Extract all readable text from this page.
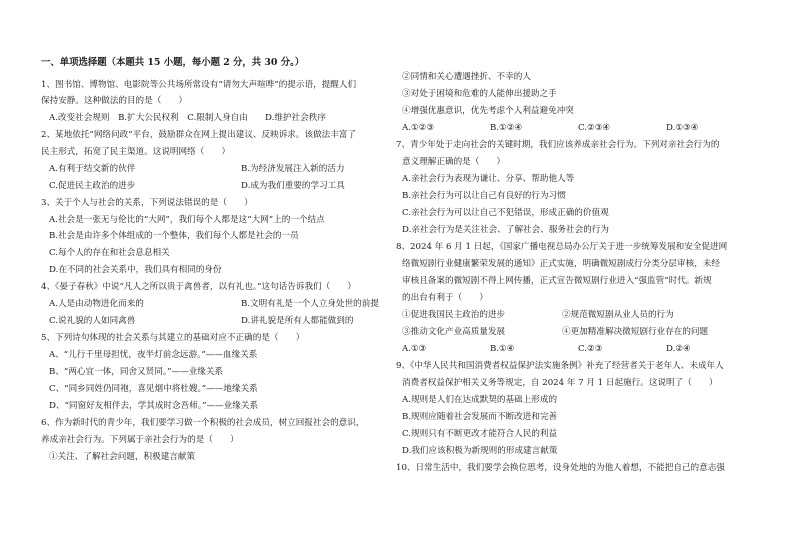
一、单项选择题（本题共 15 小题，每小题 2 分，共 30 分。）
1、图书馆、博物馆、电影院等公共场所常设有“请勿大声喧哗”的提示语，提醒人们
保持安静。这种做法的目的是（　　）
A.改变社会规则　B.扩大公民权利　C.限制人身自由　　D.维护社会秩序
2、某地依托“网络问政”平台，鼓励群众在网上提出建议、反映诉求。该做法丰富了
民主形式，拓宽了民主渠道。这说明网络（　　）
A.有利于结交新的伙伴	B.为经济发展注入新的活力
C.促进民主政治的进步	D.成为我们重要的学习工具
3、关于个人与社会的关系，下列说法错误的是（　　）
A.社会是一张无与伦比的“大网”，我们每个人都是这“大网”上的一个结点
B.社会是由许多个体组成的一个整体，我们每个人都是社会的一员
C.每个人的存在和社会息息相关
D.在不同的社会关系中，我们具有相同的身份
4、《晏子春秋》中说“凡人之所以贵于禽兽者，以有礼也。”这句话告诉我们（　　）
A.人是由动物进化而来的	B.文明有礼是一个人立身处世的前提
C.说礼貌的人如同禽兽	D.讲礼貌是所有人都能做到的
5、下列诗句体现的社会关系与其建立的基础对应不正确的是（　　）
A、“儿行千里母担忧，夜半灯前念远游。”——血缘关系
B、“两心宜一体，同舍又贤同。”——业缘关系
C、“同乡同姓仍同袍，喜见烟中将杜嫂。”——地缘关系
D、“同窗好友相伴去，学其成时念吾师。”——业缘关系
6、作为新时代的青少年，我们要学习做一个积极的社会成员，树立回报社会的意识，
养成亲社会行为。下列属于亲社会行为的是（　　）
①关注、了解社会问题，积极建言献策
②同情和关心遭遇挫折、不幸的人
③对处于困境和危难的人能伸出援助之手
④增强优惠意识，优先考虑个人利益避免冲突
A.①②③	B.①②④	C.②③④	D.①③④
7、青少年处于走向社会的关键时期，我们应该养成亲社会行为。下列对亲社会行为的
意义理解正确的是（　　）
A.亲社会行为表现为谦让、分享、帮助他人等
B.亲社会行为可以让自己有良好的行为习惯
C.亲社会行为可以让自己不犯错误，形成正确的价值观
D.亲社会行为是关注社会、了解社会、服务社会的行为
8、2024 年 6 月 1 日起，《国家广播电视总局办公厅关于进一步统筹发展和安全促进网
络微短剧行业健康繁荣发展的通知》正式实施，明确微短剧成行分类分层审核，未经
审核且备案的微短剧不得上网传播，正式宣告微短剧行业进入“强监管”时代。新规
的出台有利于（　　）
①促进我国民主政治的进步	②规范微短剧从业人员的行为
③推动文化产业高质量发展	④更加精准解决微短剧行业存在的问题
A.①③	B.①④	C.②③	D.②④
9、《中华人民共和国消费者权益保护法实施条例》补充了经营者关于老年人、未成年人
消费者权益保护相关义务等规定，自 2024 年 7 月 1 日起施行。这说明了（　　）
A.规则是人们在达成默契的基础上形成的
B.规则应随着社会发展而不断改进和完善
C.规则只有不断更改才能符合人民的利益
D.我们应该积极为新规则的形成建言献策
10、日常生活中，我们要学会换位思考，设身处地的为他人着想，不能把自己的意志强
